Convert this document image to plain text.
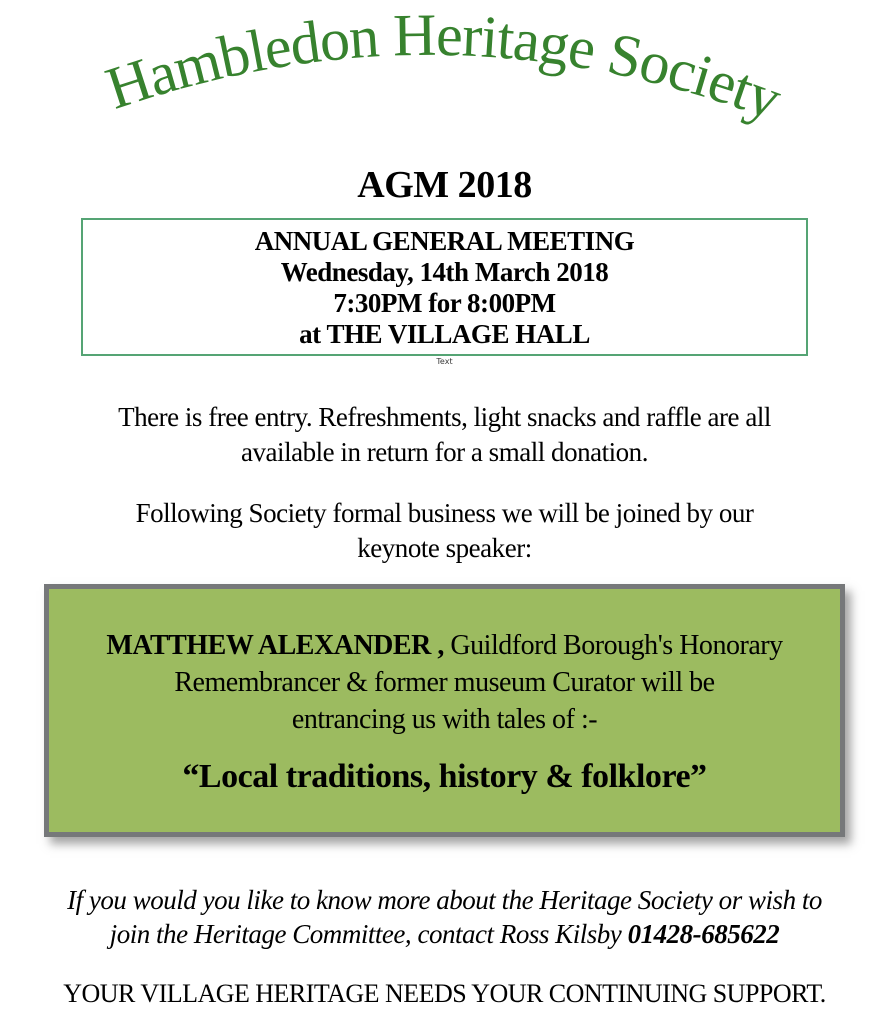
Hambledon Heritage Society
AGM 2018
ANNUAL GENERAL MEETING
Wednesday, 14th March 2018
7:30PM for 8:00PM
at THE VILLAGE HALL
Text
There is free entry. Refreshments, light snacks and raffle are all
available in return for a small donation.
Following Society formal business we will be joined by our
keynote speaker:
MATTHEW ALEXANDER , Guildford Borough's Honorary
Remembrancer & former museum Curator will be
entrancing us with tales of :-
“Local traditions, history & folklore”
If you would you like to know more about the Heritage Society or wish to
join the Heritage Committee, contact Ross Kilsby 01428-685622
YOUR VILLAGE HERITAGE NEEDS YOUR CONTINUING SUPPORT.
